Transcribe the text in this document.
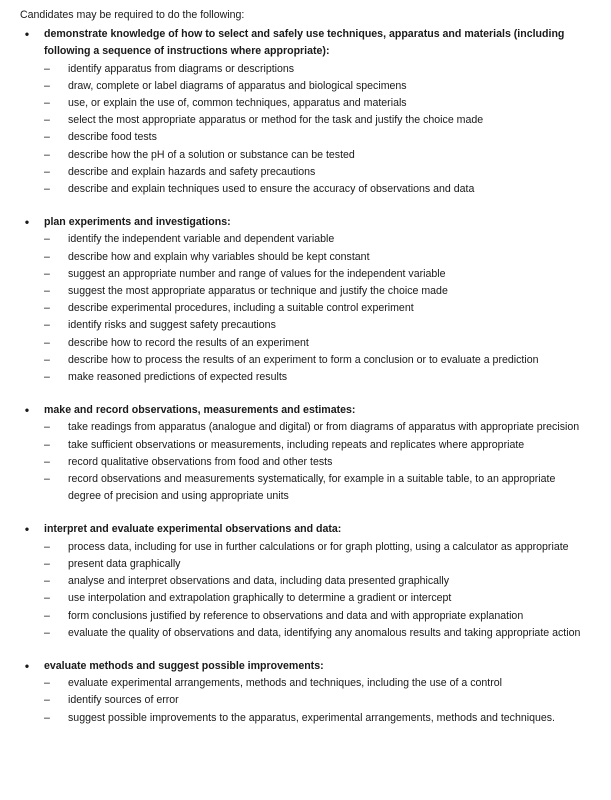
Candidates may be required to do the following:
•	demonstrate knowledge of how to select and safely use techniques, apparatus and materials (including following a sequence of instructions where appropriate):
–	identify apparatus from diagrams or descriptions
–	draw, complete or label diagrams of apparatus and biological specimens
–	use, or explain the use of, common techniques, apparatus and materials
–	select the most appropriate apparatus or method for the task and justify the choice made
–	describe food tests
–	describe how the pH of a solution or substance can be tested
–	describe and explain hazards and safety precautions
–	describe and explain techniques used to ensure the accuracy of observations and data
•	plan experiments and investigations:
–	identify the independent variable and dependent variable
–	describe how and explain why variables should be kept constant
–	suggest an appropriate number and range of values for the independent variable
–	suggest the most appropriate apparatus or technique and justify the choice made
–	describe experimental procedures, including a suitable control experiment
–	identify risks and suggest safety precautions
–	describe how to record the results of an experiment
–	describe how to process the results of an experiment to form a conclusion or to evaluate a prediction
–	make reasoned predictions of expected results
•	make and record observations, measurements and estimates:
–	take readings from apparatus (analogue and digital) or from diagrams of apparatus with appropriate precision
–	take sufficient observations or measurements, including repeats and replicates where appropriate
–	record qualitative observations from food and other tests
–	record observations and measurements systematically, for example in a suitable table, to an appropriate degree of precision and using appropriate units
•	interpret and evaluate experimental observations and data:
–	process data, including for use in further calculations or for graph plotting, using a calculator as appropriate
–	present data graphically
–	analyse and interpret observations and data, including data presented graphically
–	use interpolation and extrapolation graphically to determine a gradient or intercept
–	form conclusions justified by reference to observations and data and with appropriate explanation
–	evaluate the quality of observations and data, identifying any anomalous results and taking appropriate action
•	evaluate methods and suggest possible improvements:
–	evaluate experimental arrangements, methods and techniques, including the use of a control
–	identify sources of error
–	suggest possible improvements to the apparatus, experimental arrangements, methods and techniques.
